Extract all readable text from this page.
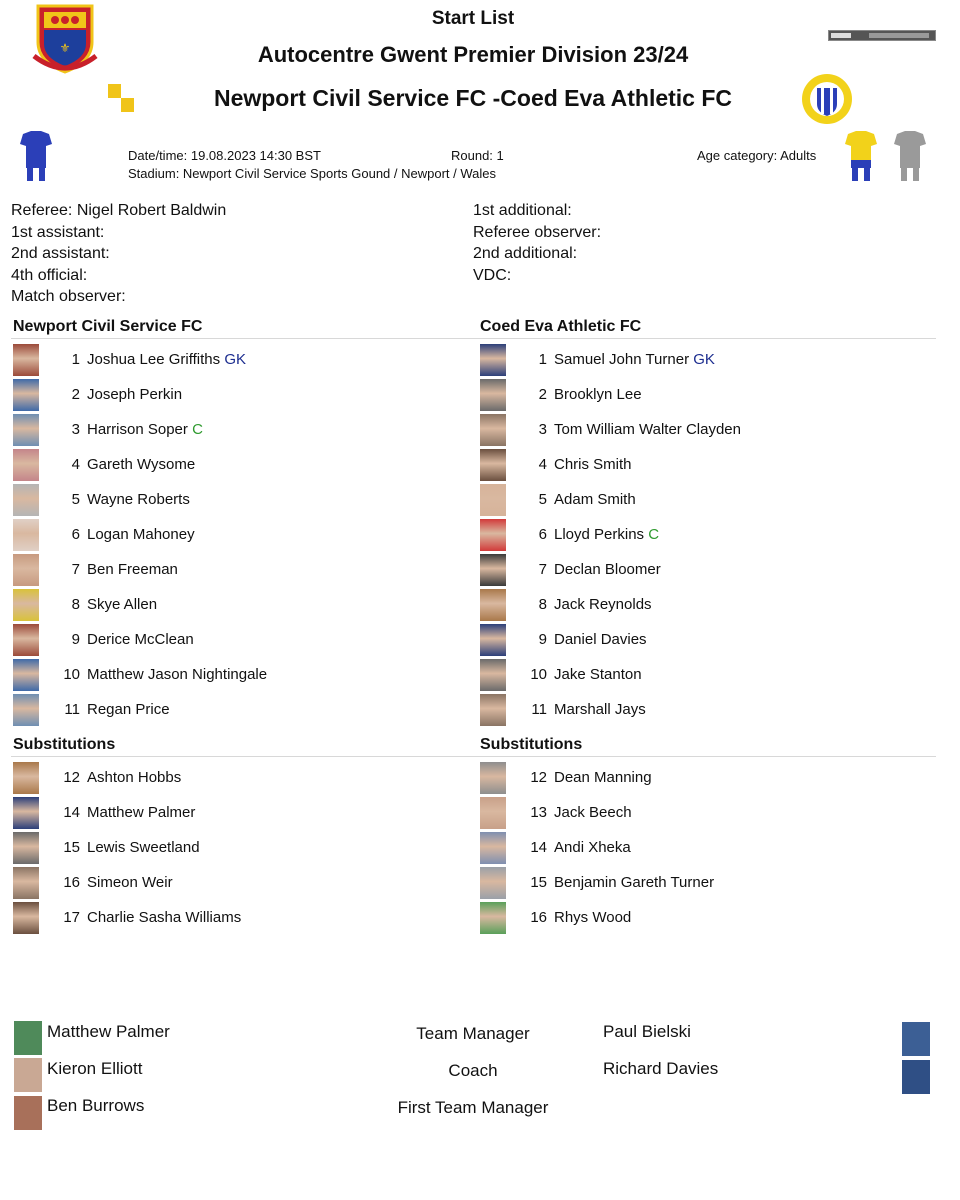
Start List
Autocentre Gwent Premier Division 23/24
Newport Civil Service FC -Coed Eva Athletic FC
⚜
Date/time: 19.08.2023 14:30 BST	Round: 1	Age category: Adults
Stadium: Newport Civil Service Sports Gound / Newport / Wales
Referee: Nigel Robert Baldwin
1st assistant:
2nd assistant:
4th official:
Match observer:
1st additional:
Referee observer:
2nd additional:
VDC:
Newport Civil Service FC	Coed Eva Athletic FC
1 Joshua Lee Griffiths GK
2 Joseph Perkin
3 Harrison Soper C
4 Gareth Wysome
5 Wayne Roberts
6 Logan Mahoney
7 Ben Freeman
8 Skye Allen
9 Derice McClean
10 Matthew Jason Nightingale
11 Regan Price
1 Samuel John Turner GK
2 Brooklyn Lee
3 Tom William Walter Clayden
4 Chris Smith
5 Adam Smith
6 Lloyd Perkins C
7 Declan Bloomer
8 Jack Reynolds
9 Daniel Davies
10 Jake Stanton
11 Marshall Jays
Substitutions	Substitutions
12 Ashton Hobbs
14 Matthew Palmer
15 Lewis Sweetland
16 Simeon Weir
17 Charlie Sasha Williams
12 Dean Manning
13 Jack Beech
14 Andi Xheka
15 Benjamin Gareth Turner
16 Rhys Wood
Matthew Palmer	Team Manager	Paul Bielski
Kieron Elliott	Coach	Richard Davies
Ben Burrows	First Team Manager
